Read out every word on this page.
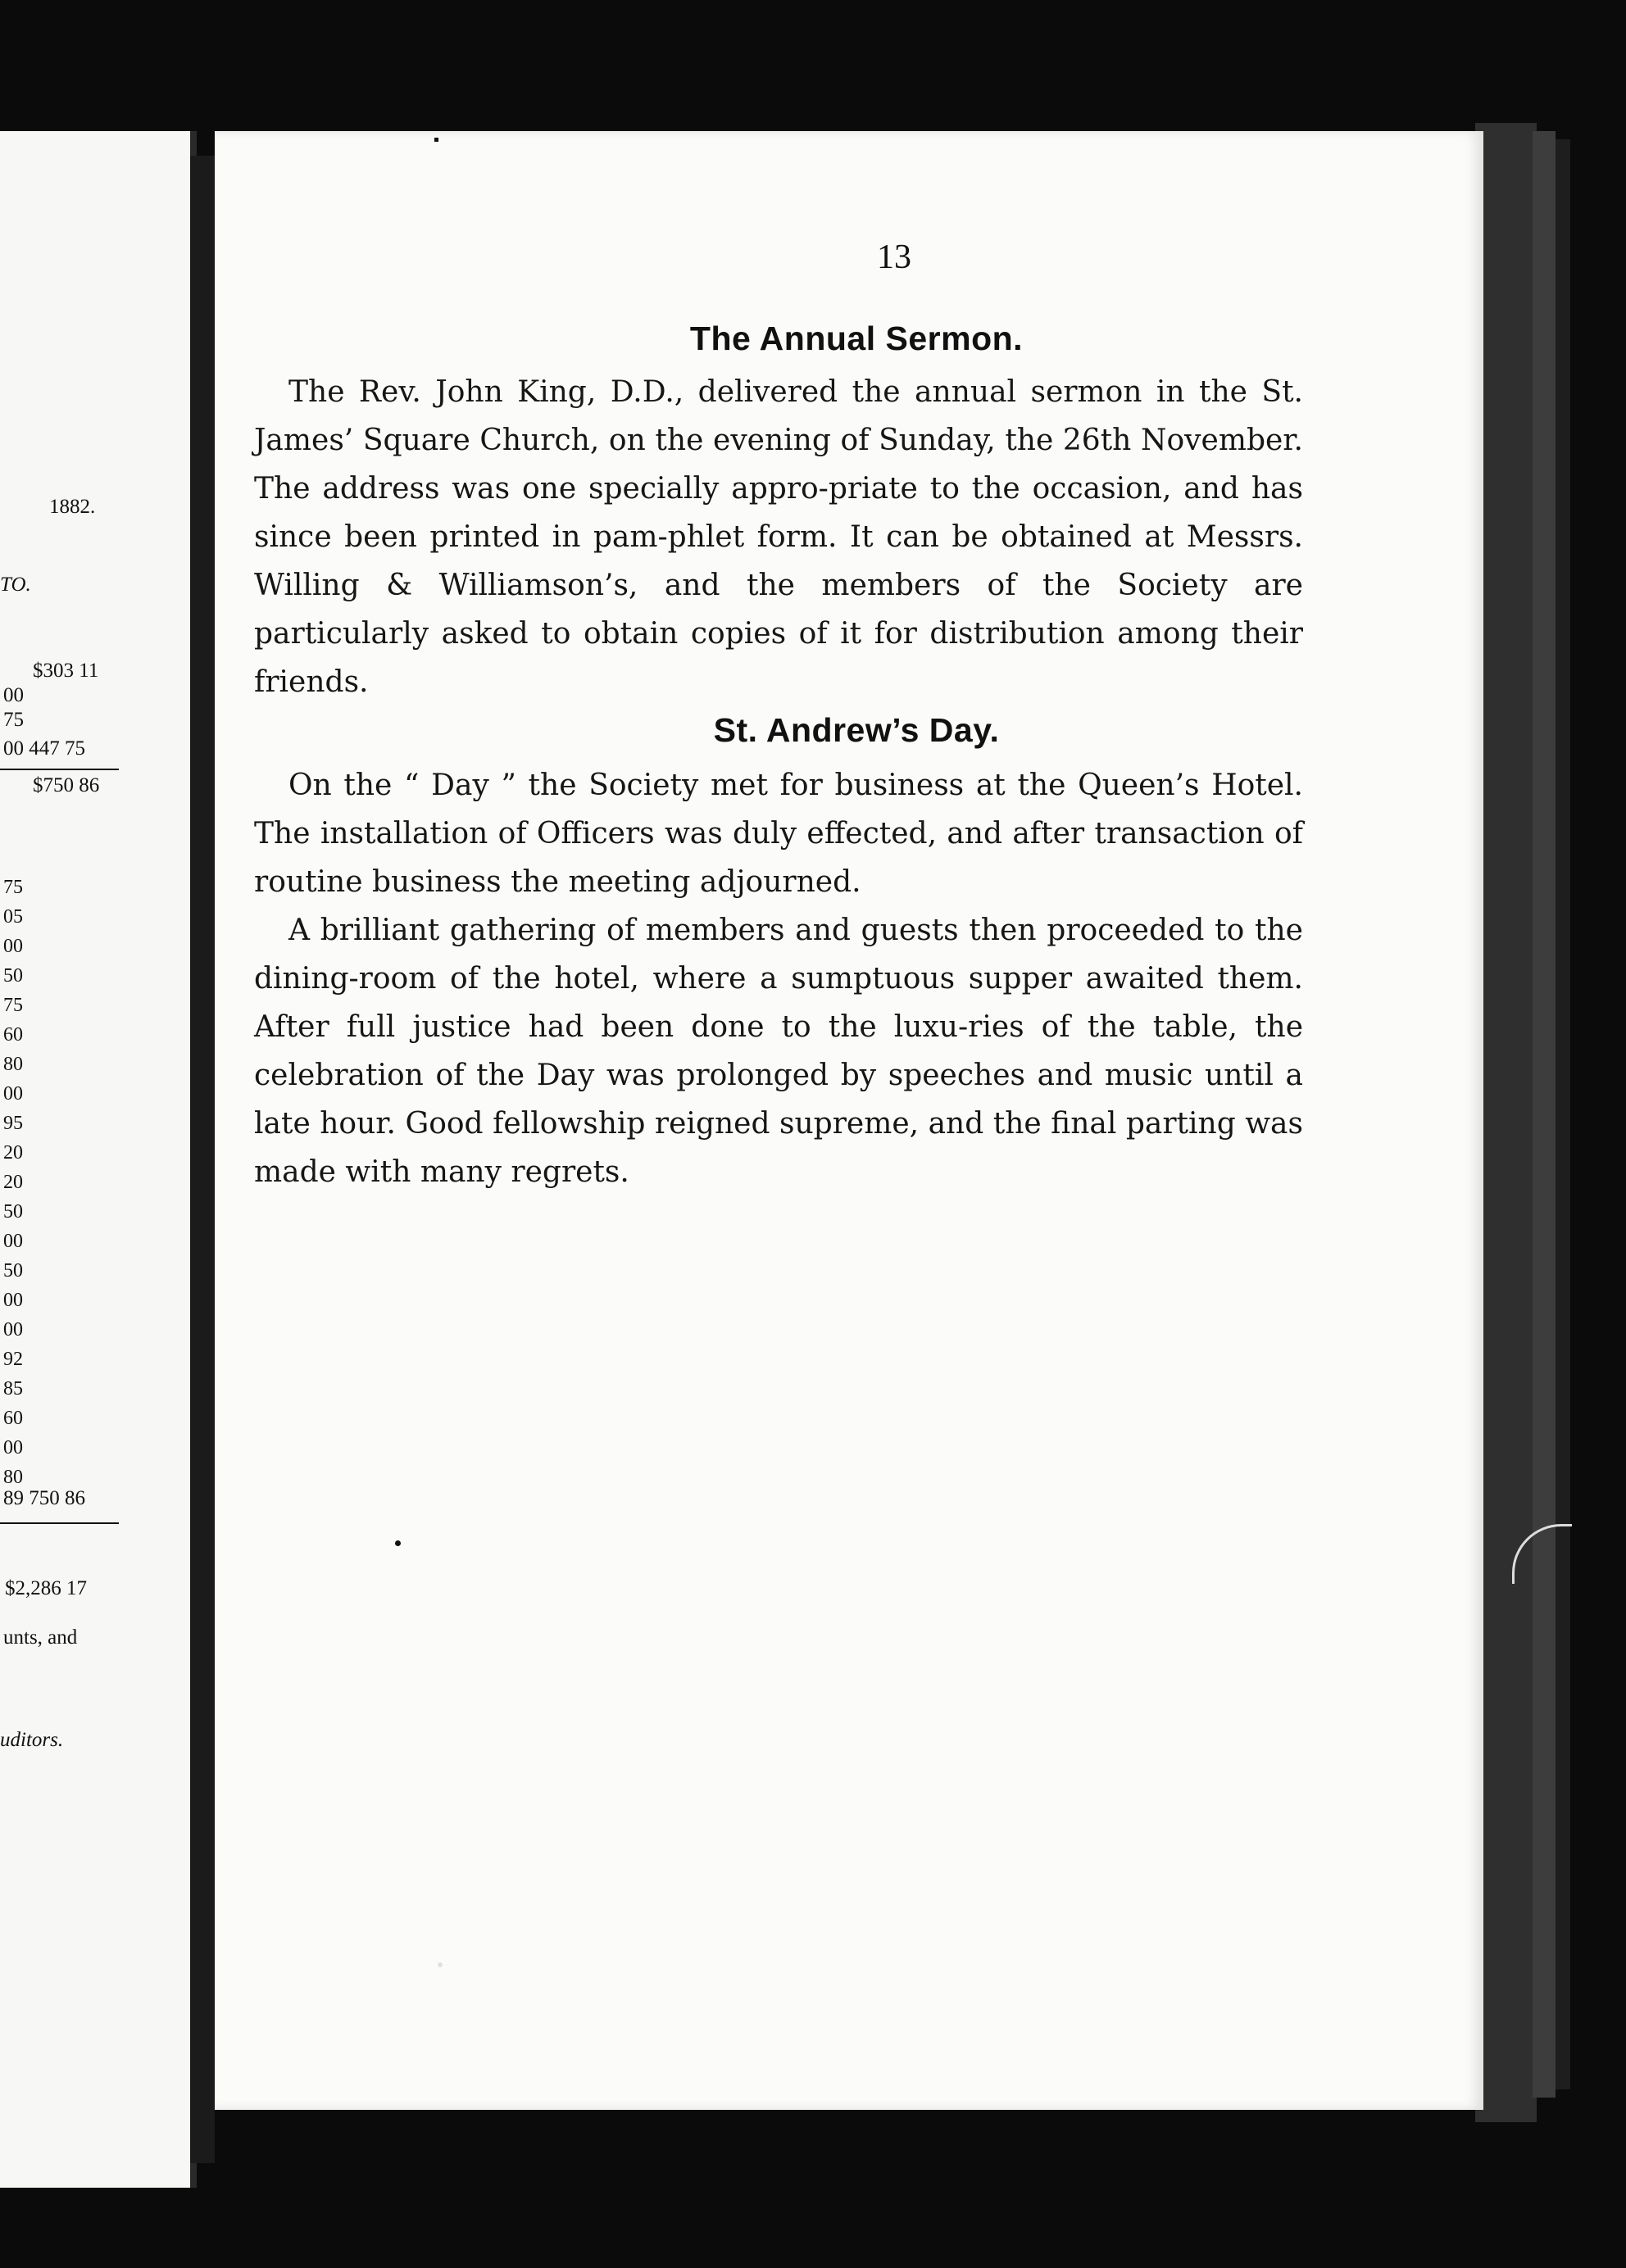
1882.
TO.
$303 11
00
75
00 447 75
$750 86
75
05
00
50
75
60
80
00
95
20
20
50
00
50
00
00
92
85
60
00
80
89 750 86
$2,286 17
unts, and
uditors.
13
The Annual Sermon.

The Rev. John King, D.D., delivered the annual sermon in the St. James’ Square Church, on the evening of Sunday, the 26th November. The address was one specially appro-priate to the occasion, and has since been printed in pam-phlet form. It can be obtained at Messrs. Willing & Williamson’s, and the members of the Society are particularly asked to obtain copies of it for distribution among their friends.

St. Andrew’s Day.

On the “ Day ” the Society met for business at the Queen’s Hotel. The installation of Officers was duly effected, and after transaction of routine business the meeting adjourned.

A brilliant gathering of members and guests then proceeded to the dining-room of the hotel, where a sumptuous supper awaited them. After full justice had been done to the luxu-ries of the table, the celebration of the Day was prolonged by speeches and music until a late hour. Good fellowship reigned supreme, and the final parting was made with many regrets.
